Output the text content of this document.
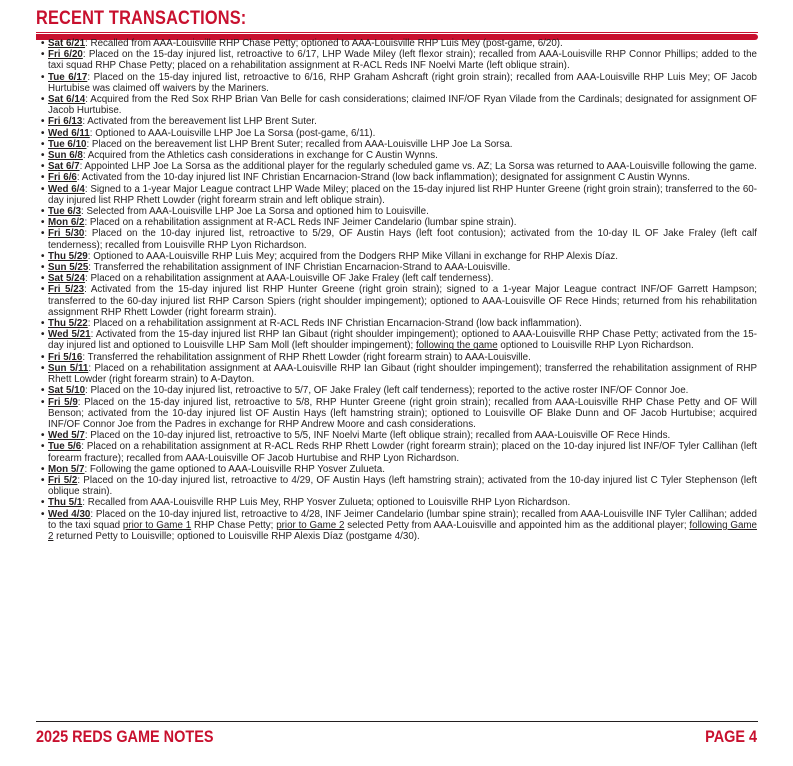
RECENT TRANSACTIONS:
• Sat 6/21: Recalled from AAA-Louisville RHP Chase Petty; optioned to AAA-Louisville RHP Luis Mey (post-game, 6/20).
• Fri 6/20: Placed on the 15-day injured list, retroactive to 6/17, LHP Wade Miley (left flexor strain); recalled from AAA-Louisville RHP Connor Phillips; added to the taxi squad RHP Chase Petty; placed on a rehabilitation assignment at R-ACL Reds INF Noelvi Marte (left oblique strain).
• Tue 6/17: Placed on the 15-day injured list, retroactive to 6/16, RHP Graham Ashcraft (right groin strain); recalled from AAA-Louisville RHP Luis Mey; OF Jacob Hurtubise was claimed off waivers by the Mariners.
• Sat 6/14: Acquired from the Red Sox RHP Brian Van Belle for cash considerations; claimed INF/OF Ryan Vilade from the Cardinals; designated for assignment OF Jacob Hurtubise.
• Fri 6/13: Activated from the bereavement list LHP Brent Suter.
• Wed 6/11: Optioned to AAA-Louisville LHP Joe La Sorsa (post-game, 6/11).
• Tue 6/10: Placed on the bereavement list LHP Brent Suter; recalled from AAA-Louisville LHP Joe La Sorsa.
• Sun 6/8: Acquired from the Athletics cash considerations in exchange for C Austin Wynns.
• Sat 6/7: Appointed LHP Joe La Sorsa as the additional player for the regularly scheduled game vs. AZ; La Sorsa was returned to AAA-Louisville following the game.
• Fri 6/6: Activated from the 10-day injured list INF Christian Encarnacion-Strand (low back inflammation); designated for assignment C Austin Wynns.
• Wed 6/4: Signed to a 1-year Major League contract LHP Wade Miley; placed on the 15-day injured list RHP Hunter Greene (right groin strain); transferred to the 60-day injured list RHP Rhett Lowder (right forearm strain and left oblique strain).
• Tue 6/3: Selected from AAA-Louisville LHP Joe La Sorsa and optioned him to Louisville.
• Mon 6/2: Placed on a rehabilitation assignment at R-ACL Reds INF Jeimer Candelario (lumbar spine strain).
• Fri 5/30: Placed on the 10-day injured list, retroactive to 5/29, OF Austin Hays (left foot contusion); activated from the 10-day IL OF Jake Fraley (left calf tenderness); recalled from Louisville RHP Lyon Richardson.
• Thu 5/29: Optioned to AAA-Louisville RHP Luis Mey; acquired from the Dodgers RHP Mike Villani in exchange for RHP Alexis Díaz.
• Sun 5/25: Transferred the rehabilitation assignment of INF Christian Encarnacion-Strand to AAA-Louisville.
• Sat 5/24: Placed on a rehabilitation assignment at AAA-Louisville OF Jake Fraley (left calf tenderness).
• Fri 5/23: Activated from the 15-day injured list RHP Hunter Greene (right groin strain); signed to a 1-year Major League contract INF/OF Garrett Hampson; transferred to the 60-day injured list RHP Carson Spiers (right shoulder impingement); optioned to AAA-Louisville OF Rece Hinds; returned from his rehabilitation assignment RHP Rhett Lowder (right forearm strain).
• Thu 5/22: Placed on a rehabilitation assignment at R-ACL Reds INF Christian Encarnacion-Strand (low back inflammation).
• Wed 5/21: Activated from the 15-day injured list RHP Ian Gibaut (right shoulder impingement); optioned to AAA-Louisville RHP Chase Petty; activated from the 15-day injured list and optioned to Louisville LHP Sam Moll (left shoulder impingement); following the game optioned to Louisville RHP Lyon Richardson.
• Fri 5/16: Transferred the rehabilitation assignment of RHP Rhett Lowder (right forearm strain) to AAA-Louisville.
• Sun 5/11: Placed on a rehabilitation assignment at AAA-Louisville RHP Ian Gibaut (right shoulder impingement); transferred the rehabilitation assignment of RHP Rhett Lowder (right forearm strain) to A-Dayton.
• Sat 5/10: Placed on the 10-day injured list, retroactive to 5/7, OF Jake Fraley (left calf tenderness); reported to the active roster INF/OF Connor Joe.
• Fri 5/9: Placed on the 15-day injured list, retroactive to 5/8, RHP Hunter Greene (right groin strain); recalled from AAA-Louisville RHP Chase Petty and OF Will Benson; activated from the 10-day injured list OF Austin Hays (left hamstring strain); optioned to Louisville OF Blake Dunn and OF Jacob Hurtubise; acquired INF/OF Connor Joe from the Padres in exchange for RHP Andrew Moore and cash considerations.
• Wed 5/7: Placed on the 10-day injured list, retroactive to 5/5, INF Noelvi Marte (left oblique strain); recalled from AAA-Louisville OF Rece Hinds.
• Tue 5/6: Placed on a rehabilitation assignment at R-ACL Reds RHP Rhett Lowder (right forearm strain); placed on the 10-day injured list INF/OF Tyler Callihan (left forearm fracture); recalled from AAA-Louisville OF Jacob Hurtubise and RHP Lyon Richardson.
• Mon 5/7: Following the game optioned to AAA-Louisville RHP Yosver Zulueta.
• Fri 5/2: Placed on the 10-day injured list, retroactive to 4/29, OF Austin Hays (left hamstring strain); activated from the 10-day injured list C Tyler Stephenson (left oblique strain).
• Thu 5/1: Recalled from AAA-Louisville RHP Luis Mey, RHP Yosver Zulueta; optioned to Louisville RHP Lyon Richardson.
• Wed 4/30: Placed on the 10-day injured list, retroactive to 4/28, INF Jeimer Candelario (lumbar spine strain); recalled from AAA-Louisville INF Tyler Callihan; added to the taxi squad prior to Game 1 RHP Chase Petty; prior to Game 2 selected Petty from AAA-Louisville and appointed him as the additional player; following Game 2 returned Petty to Louisville; optioned to Louisville RHP Alexis Díaz (postgame 4/30).
2025 REDS GAME NOTES	PAGE 4
